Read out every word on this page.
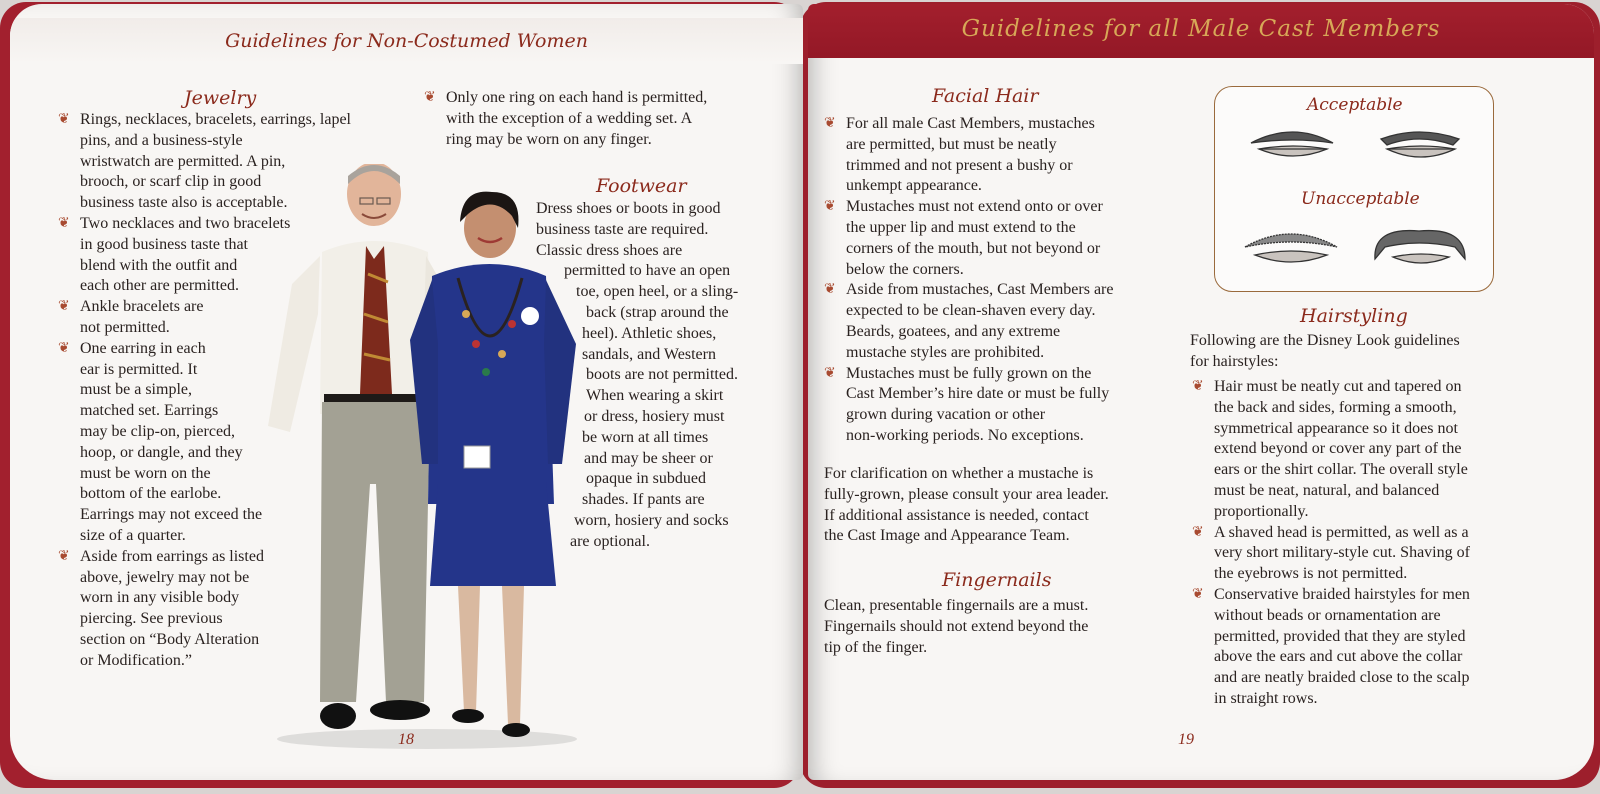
Guidelines for Non-Costumed Women
Jewelry
❦ Rings, necklaces, bracelets, earrings, lapel
pins, and a business-style
wristwatch are permitted. A pin,
brooch, or scarf clip in good
business taste also is acceptable.
❦ Two necklaces and two bracelets
in good business taste that
blend with the outfit and
each other are permitted.
❦ Ankle bracelets are
not permitted.
❦ One earring in each
ear is permitted. It
must be a simple,
matched set. Earrings
may be clip-on, pierced,
hoop, or dangle, and they
must be worn on the
bottom of the earlobe.
Earrings may not exceed the
size of a quarter.
❦ Aside from earrings as listed
above, jewelry may not be
worn in any visible body
piercing. See previous
section on “Body Alteration
or Modification.”
❦ Only one ring on each hand is permitted,
with the exception of a wedding set. A
ring may be worn on any finger.
Footwear
Dress shoes or boots in good
business taste are required.
Classic dress shoes are
permitted to have an open
toe, open heel, or a sling-
back (strap around the
heel). Athletic shoes,
sandals, and Western
boots are not permitted.
When wearing a skirt
or dress, hosiery must
be worn at all times
and may be sheer or
opaque in subdued
shades. If pants are
worn, hosiery and socks
are optional.
18
Guidelines for all Male Cast Members
Facial Hair
❦ For all male Cast Members, mustaches
are permitted, but must be neatly
trimmed and not present a bushy or
unkempt appearance.
❦ Mustaches must not extend onto or over
the upper lip and must extend to the
corners of the mouth, but not beyond or
below the corners.
❦ Aside from mustaches, Cast Members are
expected to be clean-shaven every day.
Beards, goatees, and any extreme
mustache styles are prohibited.
❦ Mustaches must be fully grown on the
Cast Member’s hire date or must be fully
grown during vacation or other
non-working periods. No exceptions.
For clarification on whether a mustache is
fully-grown, please consult your area leader.
If additional assistance is needed, contact
the Cast Image and Appearance Team.
Fingernails
Clean, presentable fingernails are a must.
Fingernails should not extend beyond the
tip of the finger.
Acceptable
Unacceptable
Hairstyling
Following are the Disney Look guidelines
for hairstyles:
❦ Hair must be neatly cut and tapered on
the back and sides, forming a smooth,
symmetrical appearance so it does not
extend beyond or cover any part of the
ears or the shirt collar. The overall style
must be neat, natural, and balanced
proportionally.
❦ A shaved head is permitted, as well as a
very short military-style cut. Shaving of
the eyebrows is not permitted.
❦ Conservative braided hairstyles for men
without beads or ornamentation are
permitted, provided that they are styled
above the ears and cut above the collar
and are neatly braided close to the scalp
in straight rows.
19
